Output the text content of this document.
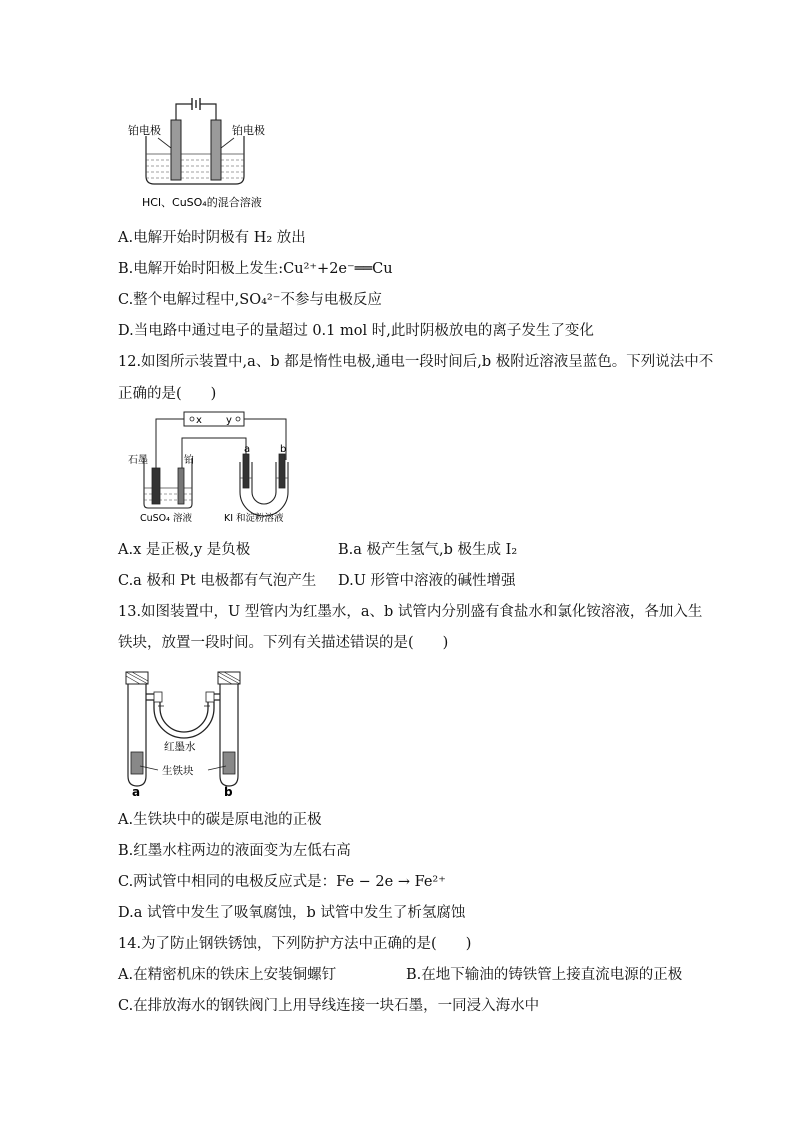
铂电极	铂电极
HCl、CuSO₄的混合溶液
A.电解开始时阴极有 H₂ 放出
B.电解开始时阳极上发生:Cu²⁺+2e⁻══Cu
C.整个电解过程中,SO₄²⁻不参与电极反应
D.当电路中通过电子的量超过 0.1 mol 时,此时阴极放电的离子发生了变化
12.如图所示装置中,a、b 都是惰性电极,通电一段时间后,b 极附近溶液呈蓝色。下列说法中不
正确的是(　　)
x y
石墨	铂
a	b
CuSO₄ 溶液	KI 和淀粉溶液
A.x 是正极,y 是负极	B.a 极产生氢气,b 极生成 I₂
C.a 极和 Pt 电极都有气泡产生 D.U 形管中溶液的碱性增强
13.如图装置中，U 型管内为红墨水，a、b 试管内分别盛有食盐水和氯化铵溶液，各加入生
铁块，放置一段时间。下列有关描述错误的是(　　)
红墨水
生铁块
a	b
A.生铁块中的碳是原电池的正极
B.红墨水柱两边的液面变为左低右高
C.两试管中相同的电极反应式是：Fe − 2e → Fe²⁺
D.a 试管中发生了吸氧腐蚀，b 试管中发生了析氢腐蚀
14.为了防止钢铁锈蚀，下列防护方法中正确的是(　　)
A.在精密机床的铁床上安装铜螺钉	B.在地下输油的铸铁管上接直流电源的正极
C.在排放海水的钢铁阀门上用导线连接一块石墨，一同浸入海水中
